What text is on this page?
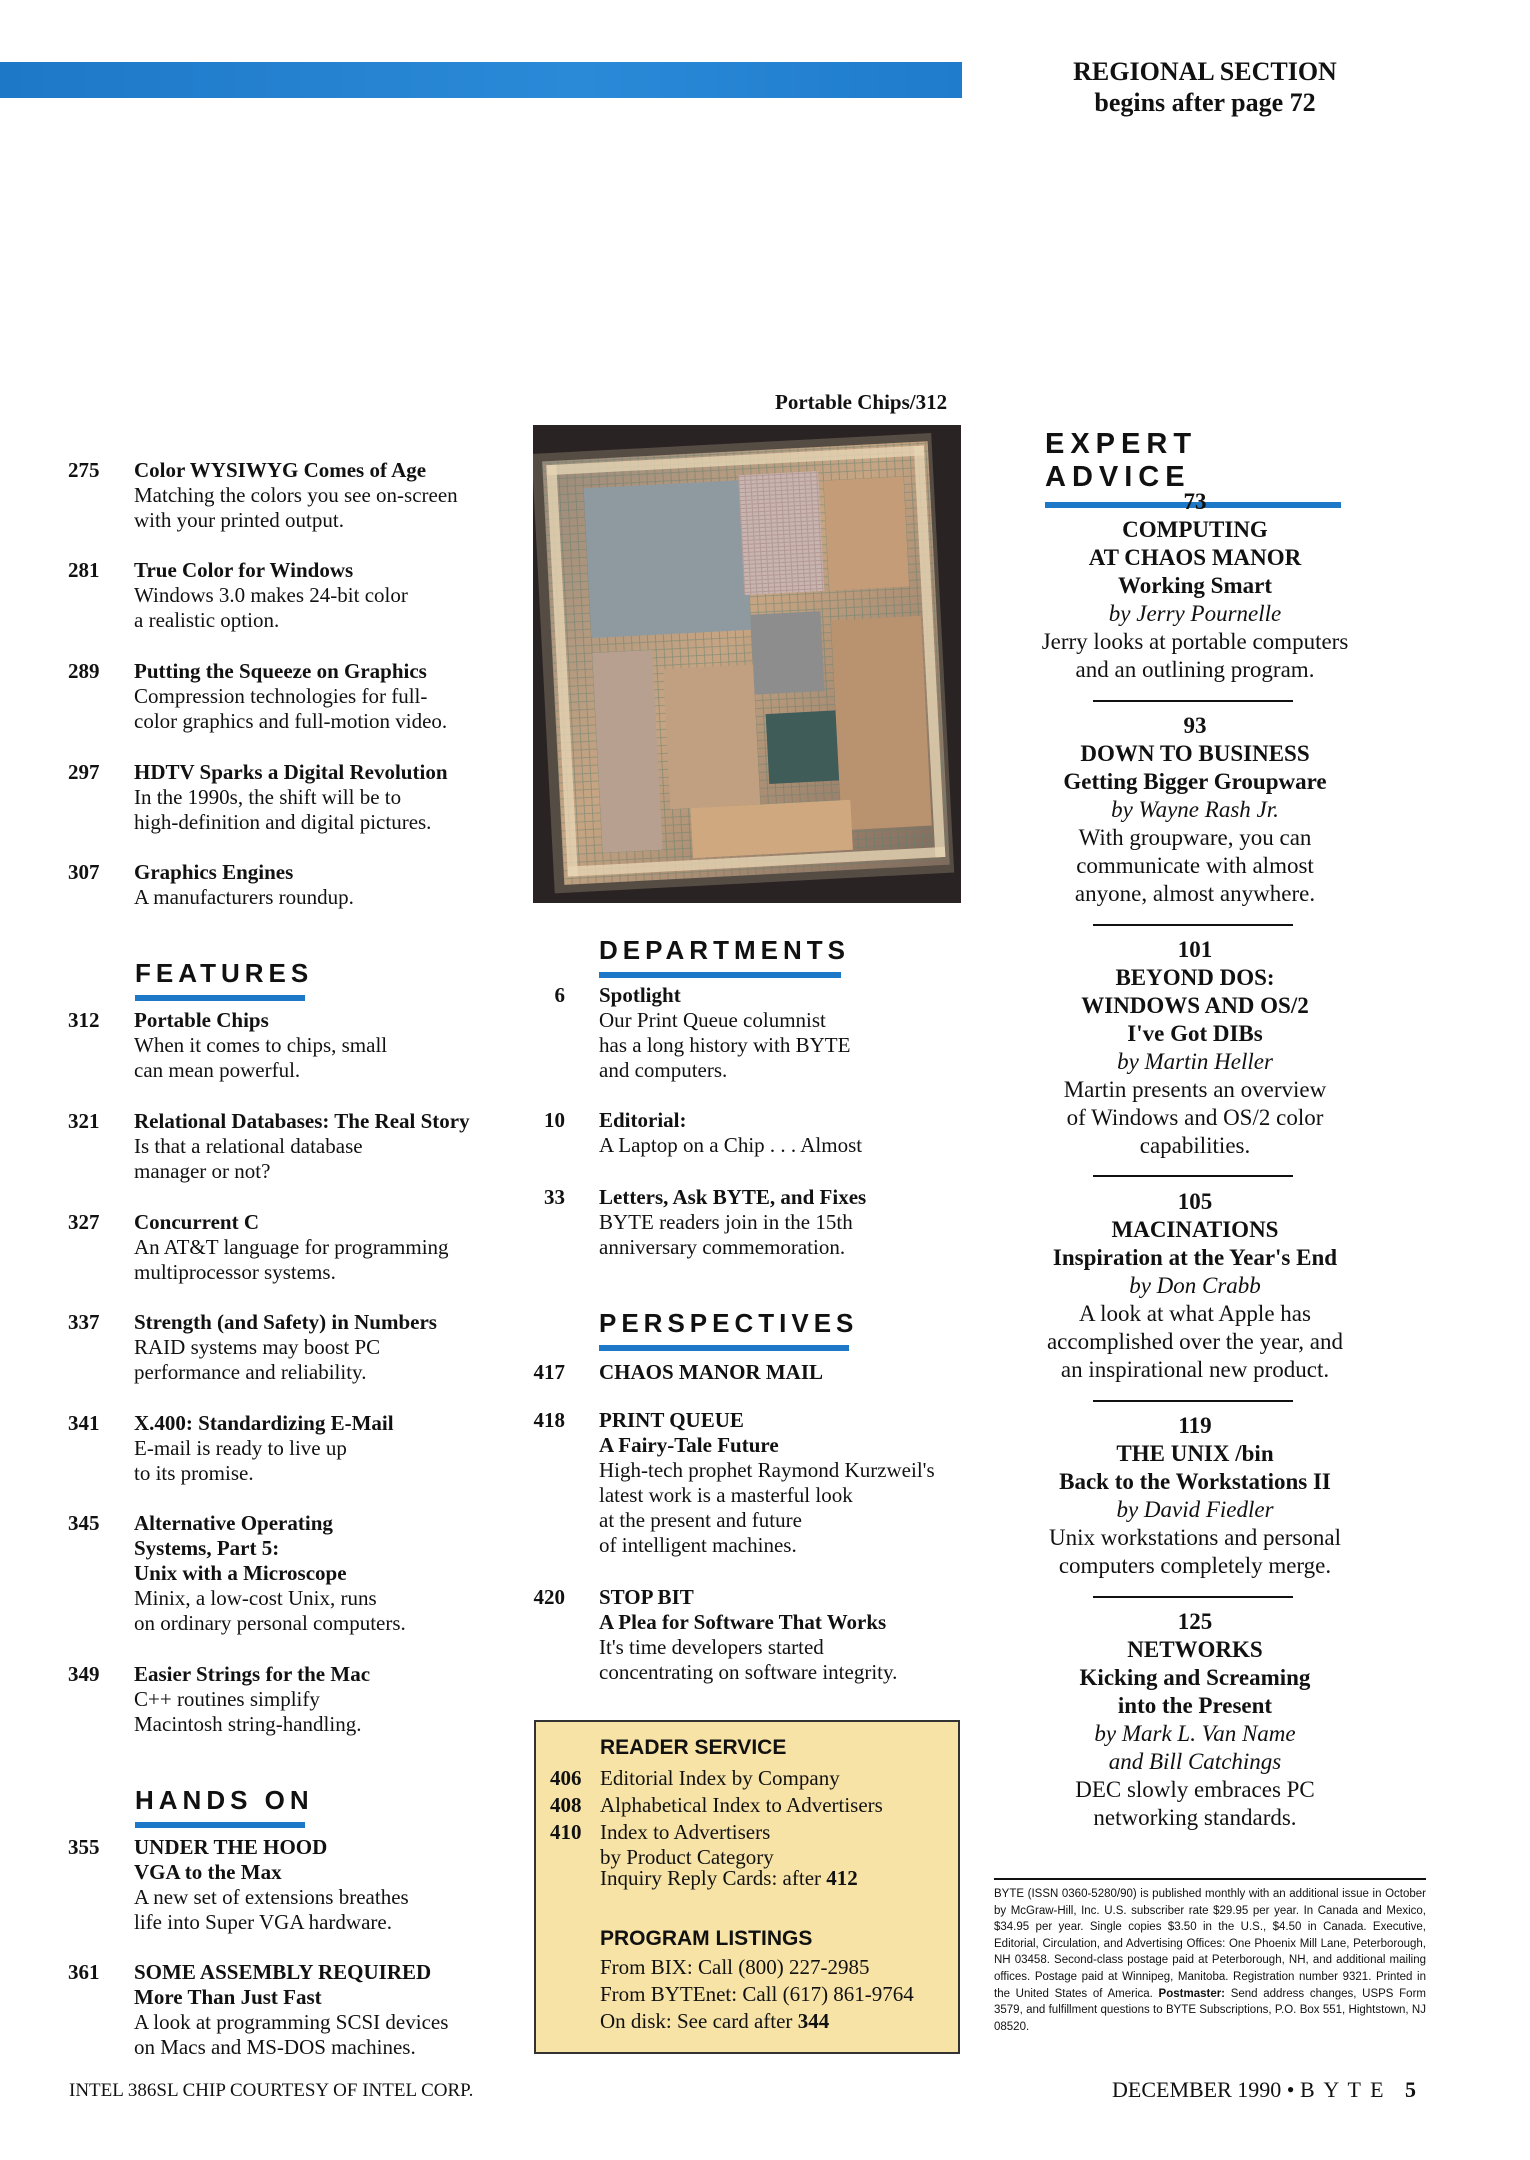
REGIONAL SECTION
begins after page 72
275	Color WYSIWYG Comes of Age
Matching the colors you see on-screen
with your printed output.
281	True Color for Windows
Windows 3.0 makes 24-bit color
a realistic option.
289	Putting the Squeeze on Graphics
Compression technologies for full-
color graphics and full-motion video.
297	HDTV Sparks a Digital Revolution
In the 1990s, the shift will be to
high-definition and digital pictures.
307	Graphics Engines
A manufacturers roundup.
FEATURES
312	Portable Chips
When it comes to chips, small
can mean powerful.
321	Relational Databases: The Real Story
Is that a relational database
manager or not?
327	Concurrent C
An AT&T language for programming
multiprocessor systems.
337	Strength (and Safety) in Numbers
RAID systems may boost PC
performance and reliability.
341	X.400: Standardizing E-Mail
E-mail is ready to live up
to its promise.
345	Alternative Operating
Systems, Part 5:
Unix with a Microscope
Minix, a low-cost Unix, runs
on ordinary personal computers.
349	Easier Strings for the Mac
C++ routines simplify
Macintosh string-handling.
HANDS ON
355	UNDER THE HOOD
VGA to the Max
A new set of extensions breathes
life into Super VGA hardware.
361	SOME ASSEMBLY REQUIRED
More Than Just Fast
A look at programming SCSI devices
on Macs and MS-DOS machines.
Portable Chips/312
DEPARTMENTS
6 Spotlight
Our Print Queue columnist
has a long history with BYTE
and computers.
10 Editorial:
A Laptop on a Chip . . . Almost
33 Letters, Ask BYTE, and Fixes
BYTE readers join in the 15th
anniversary commemoration.
PERSPECTIVES
417 CHAOS MANOR MAIL
418 PRINT QUEUE
A Fairy-Tale Future
High-tech prophet Raymond Kurzweil's
latest work is a masterful look
at the present and future
of intelligent machines.
420 STOP BIT
A Plea for Software That Works
It's time developers started
concentrating on software integrity.
READER SERVICE
406 Editorial Index by Company
408 Alphabetical Index to Advertisers
410 Index to Advertisers
by Product Category
Inquiry Reply Cards: after 412
PROGRAM LISTINGS
From BIX: Call (800) 227-2985
From BYTEnet: Call (617) 861-9764
On disk: See card after 344
EXPERT ADVICE
73
COMPUTING
AT CHAOS MANOR
Working Smart
by Jerry Pournelle
Jerry looks at portable computers
and an outlining program.
93
DOWN TO BUSINESS
Getting Bigger Groupware
by Wayne Rash Jr.
With groupware, you can
communicate with almost
anyone, almost anywhere.
101
BEYOND DOS:
WINDOWS AND OS/2
I've Got DIBs
by Martin Heller
Martin presents an overview
of Windows and OS/2 color
capabilities.
105
MACINATIONS
Inspiration at the Year's End
by Don Crabb
A look at what Apple has
accomplished over the year, and
an inspirational new product.
119
THE UNIX /bin
Back to the Workstations II
by David Fiedler
Unix workstations and personal
computers completely merge.
125
NETWORKS
Kicking and Screaming
into the Present
by Mark L. Van Name
and Bill Catchings
DEC slowly embraces PC
networking standards.
BYTE (ISSN 0360-5280/90) is published monthly with an additional issue in October by McGraw-Hill, Inc. U.S. subscriber rate $29.95 per year. In Canada and Mexico, $34.95 per year. Single copies $3.50 in the U.S., $4.50 in Canada. Executive, Editorial, Circulation, and Advertising Offices: One Phoenix Mill Lane, Peterborough, NH 03458. Second-class postage paid at Peterborough, NH, and additional mailing offices. Postage paid at Winnipeg, Manitoba. Registration number 9321. Printed in the United States of America. Postmaster: Send address changes, USPS Form 3579, and fulfillment questions to BYTE Subscriptions, P.O. Box 551, Hightstown, NJ 08520.
INTEL 386SL CHIP COURTESY OF INTEL CORP.	DECEMBER 1990 • B Y T E 5
